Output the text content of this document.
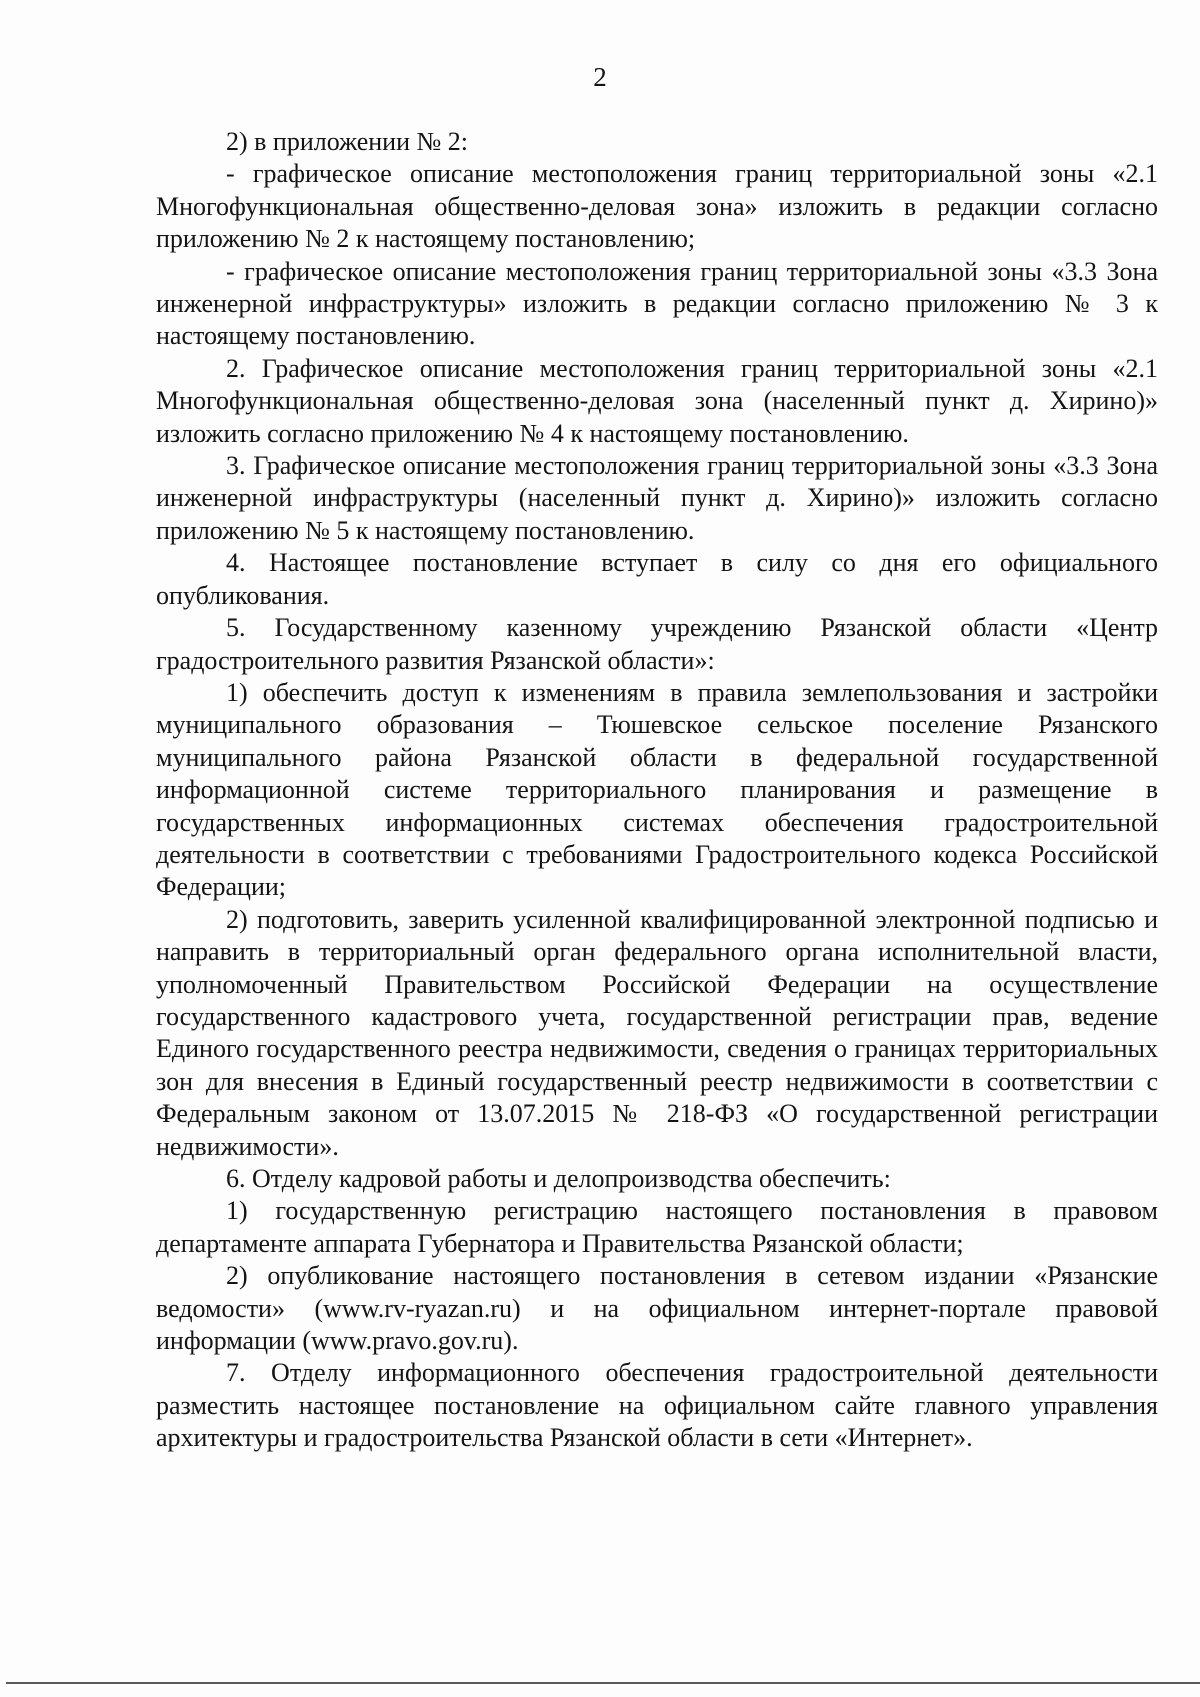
2

2) в приложении № 2:

- графическое описание местоположения границ территориальной зоны «2.1 Многофункциональная общественно-деловая зона» изложить в редакции согласно приложению № 2 к настоящему постановлению;

- графическое описание местоположения границ территориальной зоны «3.3 Зона инженерной инфраструктуры» изложить в редакции согласно приложению № 3 к настоящему постановлению.

2. Графическое описание местоположения границ территориальной зоны «2.1 Многофункциональная общественно-деловая зона (населенный пункт д. Хирино)» изложить согласно приложению № 4 к настоящему постановлению.

3. Графическое описание местоположения границ территориальной зоны «3.3 Зона инженерной инфраструктуры (населенный пункт д. Хирино)» изложить согласно приложению № 5 к настоящему постановлению.

4. Настоящее постановление вступает в силу со дня его официального опубликования.

5. Государственному казенному учреждению Рязанской области «Центр градостроительного развития Рязанской области»:

1) обеспечить доступ к изменениям в правила землепользования и застройки муниципального образования – Тюшевское сельское поселение Рязанского муниципального района Рязанской области в федеральной государственной информационной системе территориального планирования и размещение в государственных информационных системах обеспечения градостроительной деятельности в соответствии с требованиями Градостроительного кодекса Российской Федерации;

2) подготовить, заверить усиленной квалифицированной электронной подписью и направить в территориальный орган федерального органа исполнительной власти, уполномоченный Правительством Российской Федерации на осуществление государственного кадастрового учета, государственной регистрации прав, ведение Единого государственного реестра недвижимости, сведения о границах территориальных зон для внесения в Единый государственный реестр недвижимости в соответствии с Федеральным законом от 13.07.2015 № 218-ФЗ «О государственной регистрации недвижимости».

6. Отделу кадровой работы и делопроизводства обеспечить:

1) государственную регистрацию настоящего постановления в правовом департаменте аппарата Губернатора и Правительства Рязанской области;

2) опубликование настоящего постановления в сетевом издании «Рязанские ведомости» (www.rv-ryazan.ru) и на официальном интернет-портале правовой информации (www.pravo.gov.ru).

7. Отделу информационного обеспечения градостроительной деятельности разместить настоящее постановление на официальном сайте главного управления архитектуры и градостроительства Рязанской области в сети «Интернет».
